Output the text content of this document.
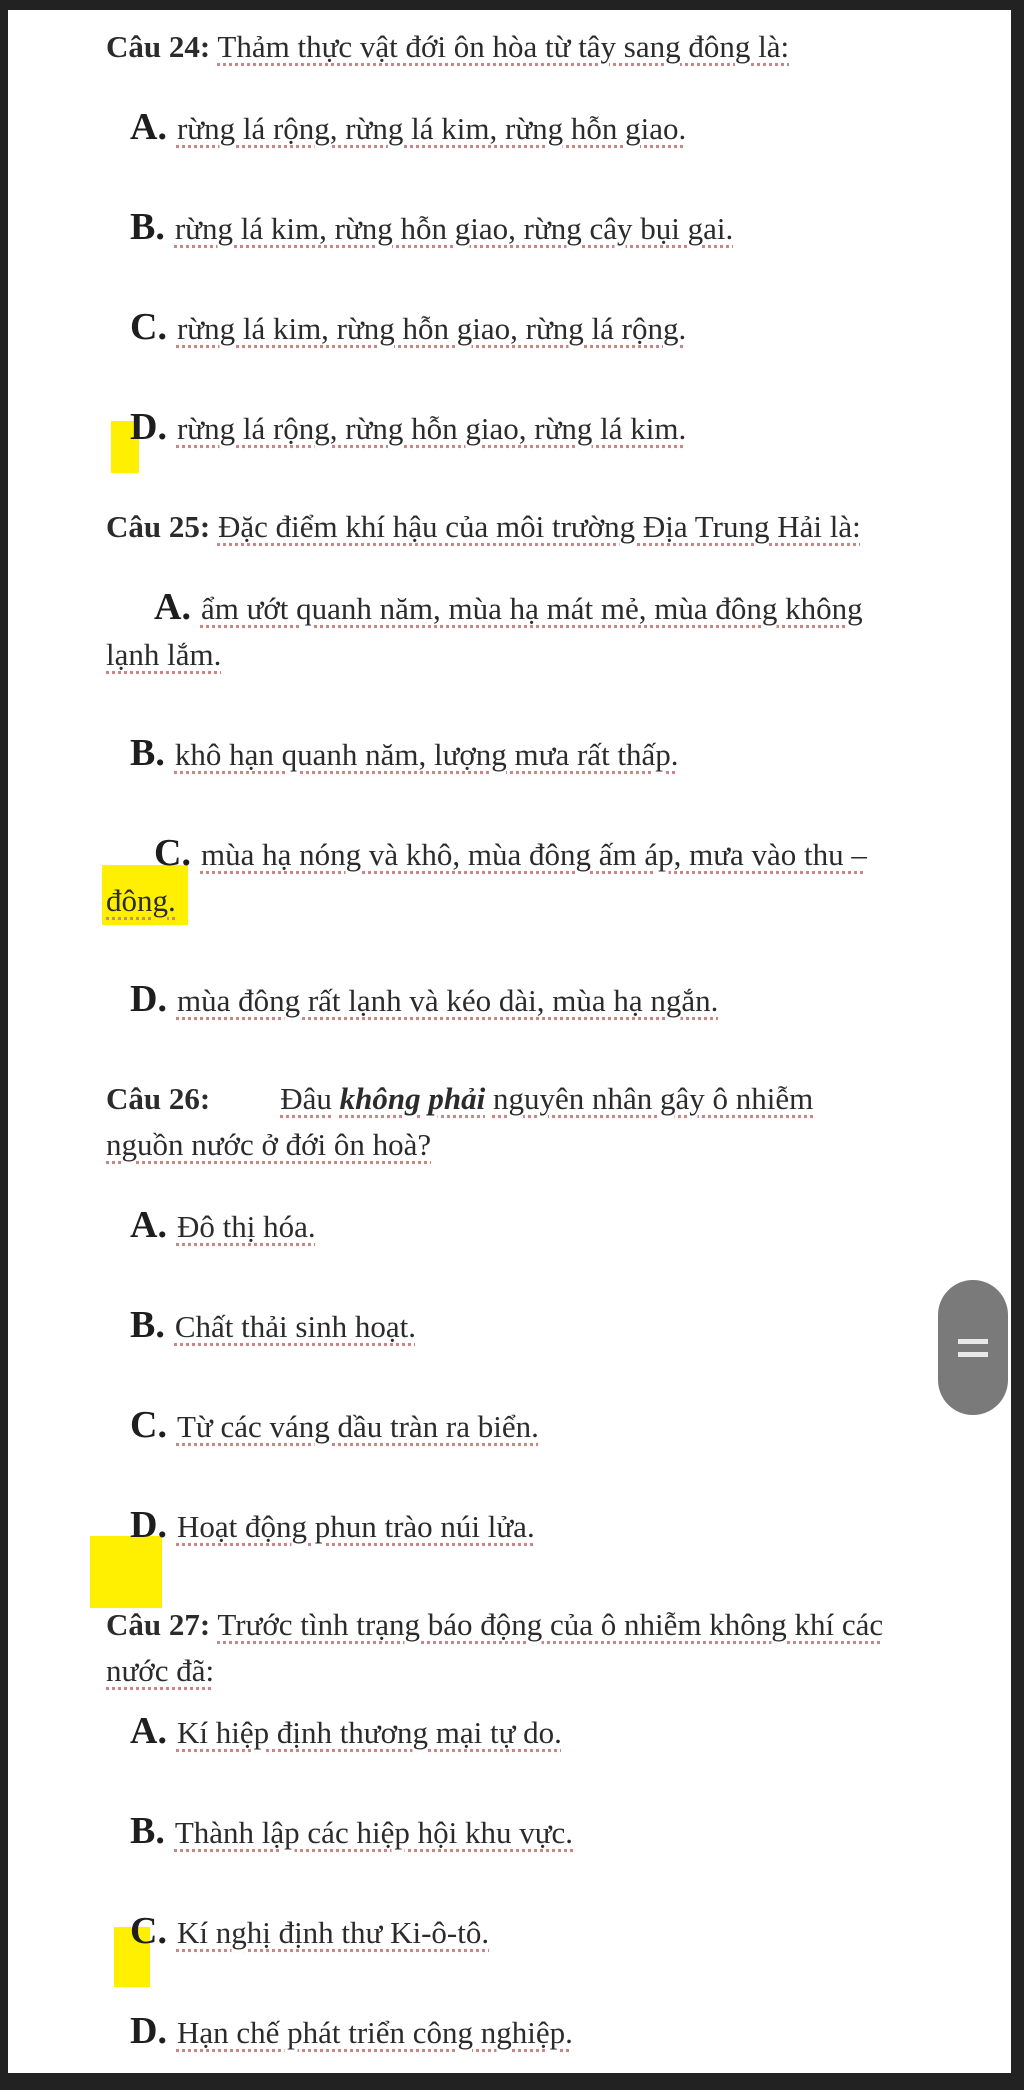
Câu 24: Thảm thực vật đới ôn hòa từ tây sang đông là:

A. rừng lá rộng, rừng lá kim, rừng hỗn giao.

B. rừng lá kim, rừng hỗn giao, rừng cây bụi gai.

C. rừng lá kim, rừng hỗn giao, rừng lá rộng.

D. rừng lá rộng, rừng hỗn giao, rừng lá kim.

Câu 25: Đặc điểm khí hậu của môi trường Địa Trung Hải là:

A. ẩm ướt quanh năm, mùa hạ mát mẻ, mùa đông không lạnh lắm.

B. khô hạn quanh năm, lượng mưa rất thấp.

C. mùa hạ nóng và khô, mùa đông ấm áp, mưa vào thu – đông.

D. mùa đông rất lạnh và kéo dài, mùa hạ ngắn.

Câu 26: Đâu không phải nguyên nhân gây ô nhiễm nguồn nước ở đới ôn hoà?

A. Đô thị hóa.

B. Chất thải sinh hoạt.

C. Từ các váng dầu tràn ra biển.

D. Hoạt động phun trào núi lửa.

Câu 27: Trước tình trạng báo động của ô nhiễm không khí các nước đã:

A. Kí hiệp định thương mại tự do.

B. Thành lập các hiệp hội khu vực.

C. Kí nghị định thư Ki-ô-tô.

D. Hạn chế phát triển công nghiệp.
